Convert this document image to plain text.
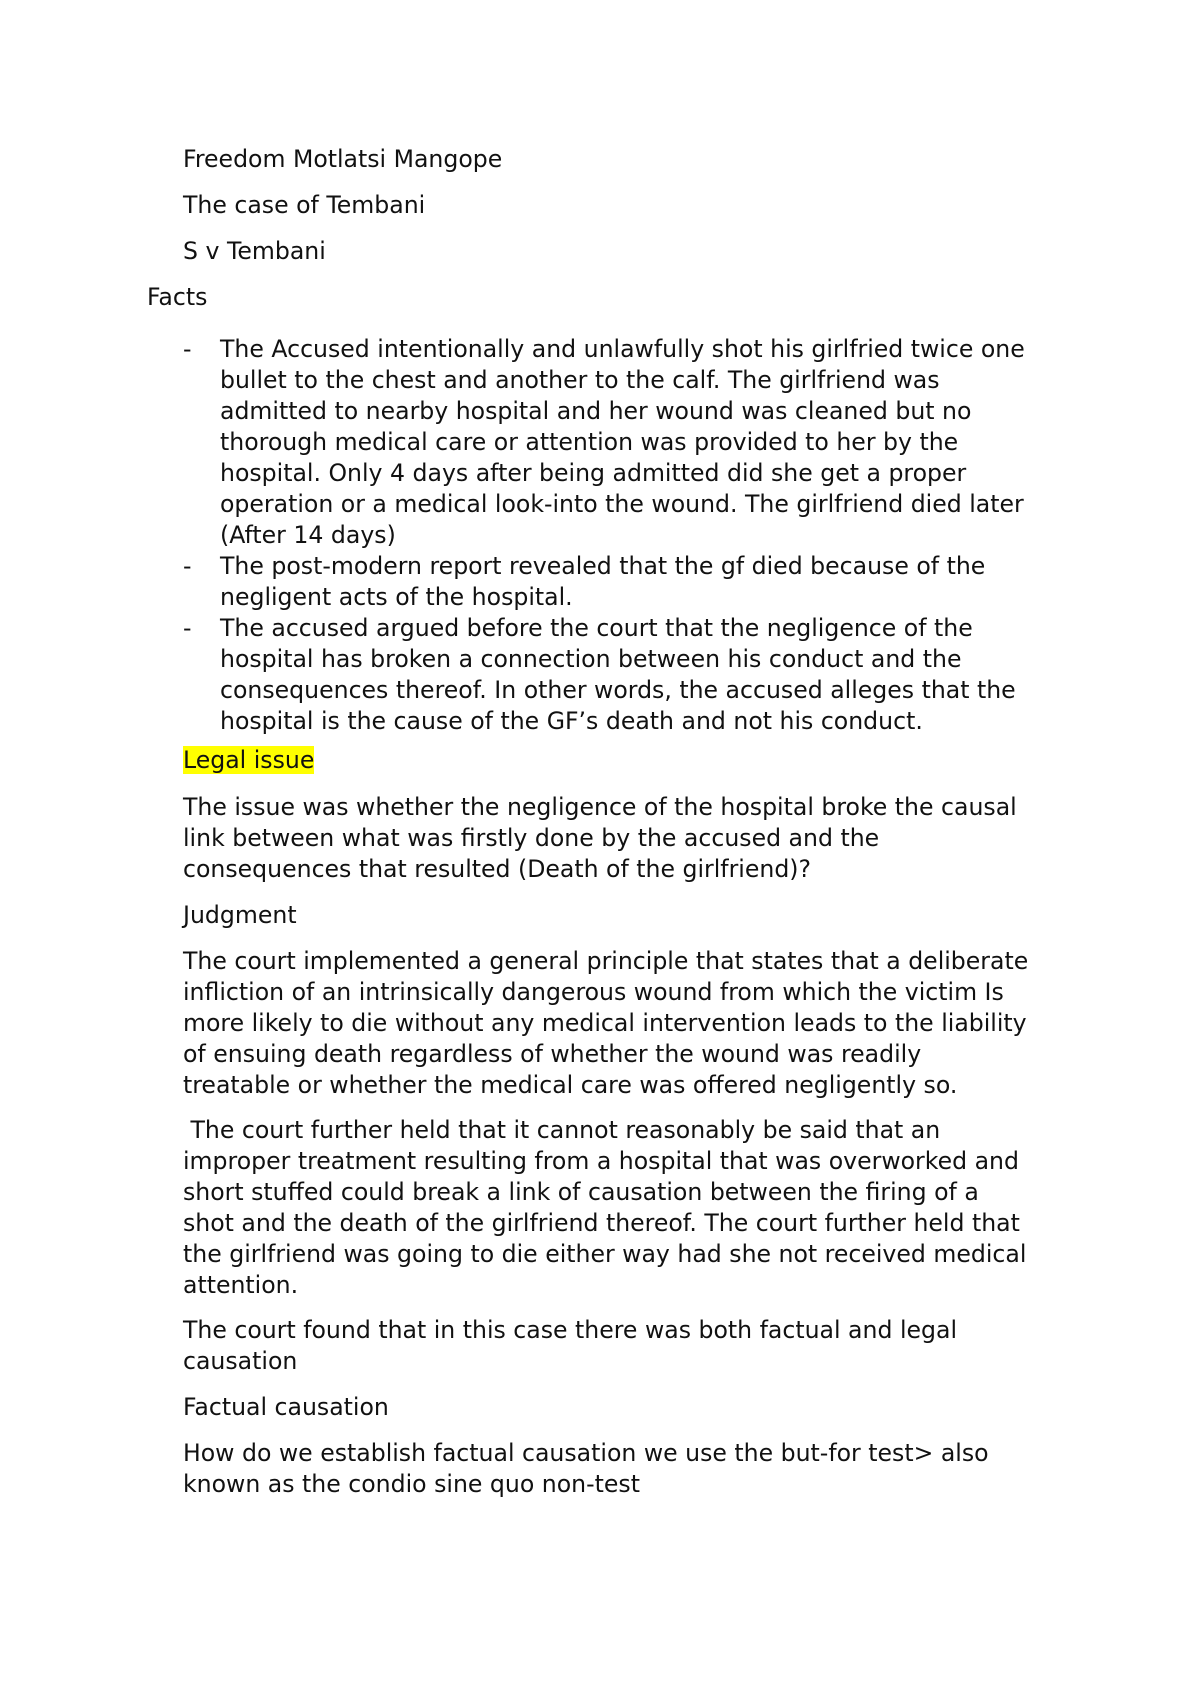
Freedom Motlatsi Mangope
The case of Tembani
S v Tembani
Facts
- The Accused intentionally and unlawfully shot his girlfried twice one
bullet to the chest and another to the calf. The girlfriend was
admitted to nearby hospital and her wound was cleaned but no
thorough medical care or attention was provided to her by the
hospital. Only 4 days after being admitted did she get a proper
operation or a medical look-into the wound. The girlfriend died later
(After 14 days)
- The post-modern report revealed that the gf died because of the
negligent acts of the hospital.
- The accused argued before the court that the negligence of the
hospital has broken a connection between his conduct and the
consequences thereof. In other words, the accused alleges that the
hospital is the cause of the GF’s death and not his conduct.
Legal issue

The issue was whether the negligence of the hospital broke the causal

link between what was firstly done by the accused and the

consequences that resulted (Death of the girlfriend)?

Judgment

The court implemented a general principle that states that a deliberate

infliction of an intrinsically dangerous wound from which the victim Is

more likely to die without any medical intervention leads to the liability

of ensuing death regardless of whether the wound was readily

treatable or whether the medical care was offered negligently so.

The court further held that it cannot reasonably be said that an

improper treatment resulting from a hospital that was overworked and

short stuffed could break a link of causation between the firing of a

shot and the death of the girlfriend thereof. The court further held that

the girlfriend was going to die either way had she not received medical

attention.

The court found that in this case there was both factual and legal

causation

Factual causation

How do we establish factual causation we use the but-for test> also

known as the condio sine quo non-test
